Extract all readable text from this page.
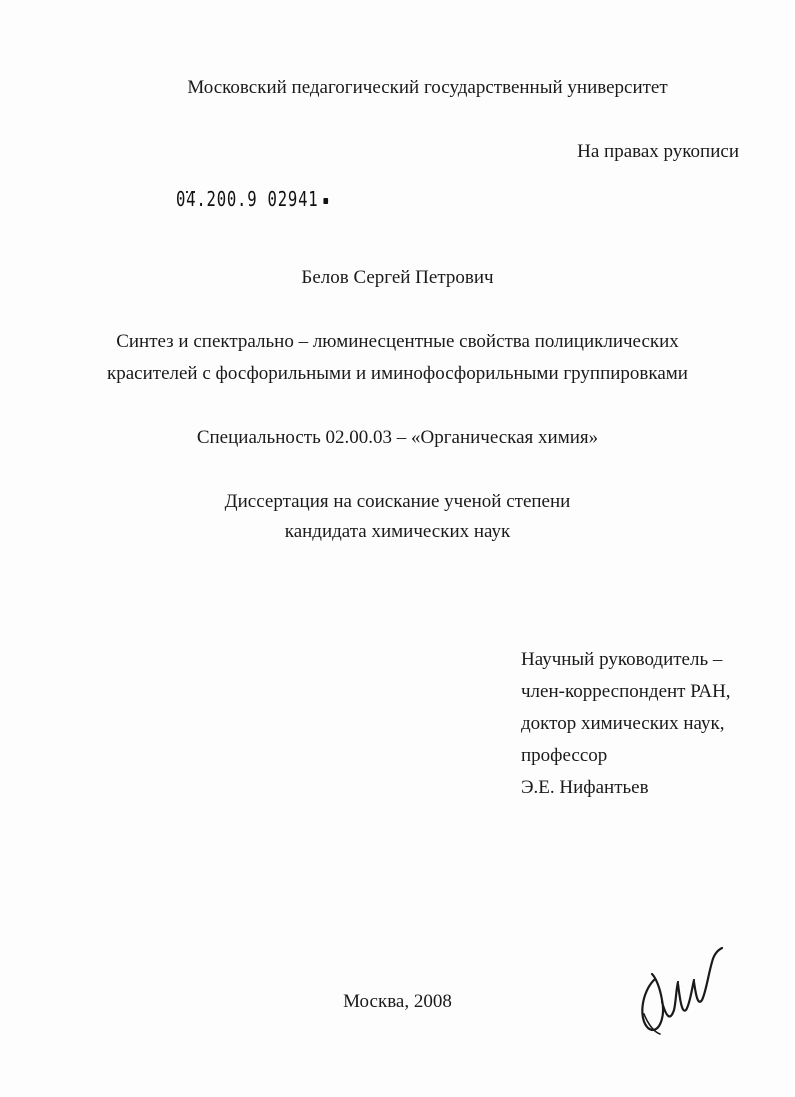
Московский педагогический государственный университет
На правах рукописи
04.200.9 02941
Белов Сергей Петрович
Синтез и спектрально – люминесцентные свойства полициклических
красителей с фосфорильными и иминофосфорильными группировками
Специальность 02.00.03 – «Органическая химия»
Диссертация на соискание ученой степени
кандидата химических наук
Научный руководитель –
член-корреспондент РАН,
доктор химических наук,
профессор
Э.Е. Нифантьев
Москва, 2008
